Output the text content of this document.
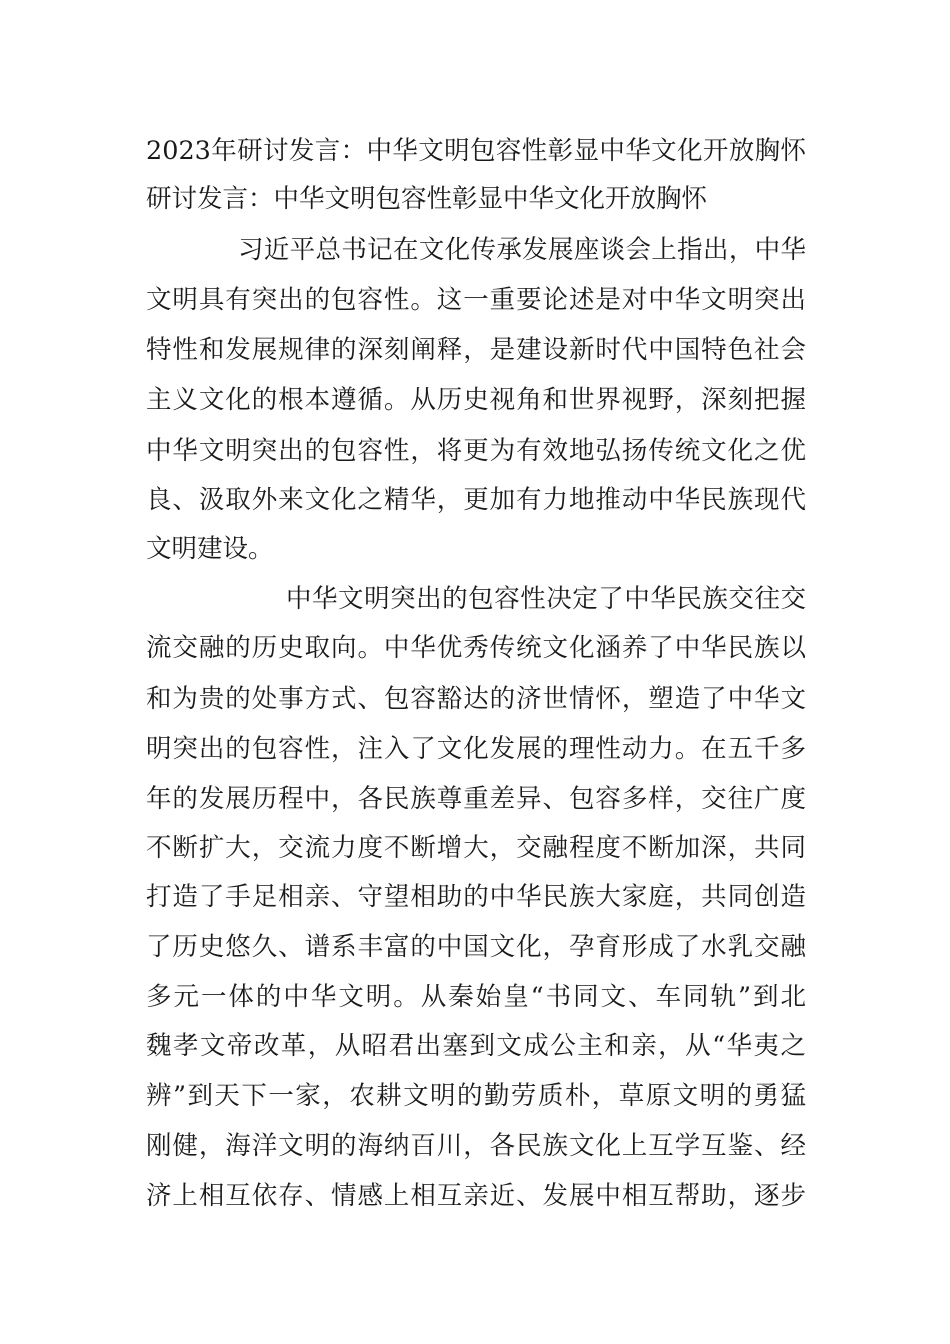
2023年研讨发言：中华文明包容性彰显中华文化开放胸怀
研讨发言：中华文明包容性彰显中华文化开放胸怀
习近平总书记在文化传承发展座谈会上指出，中华
文明具有突出的包容性。这一重要论述是对中华文明突出
特性和发展规律的深刻阐释，是建设新时代中国特色社会
主义文化的根本遵循。从历史视角和世界视野，深刻把握
中华文明突出的包容性，将更为有效地弘扬传统文化之优
良、汲取外来文化之精华，更加有力地推动中华民族现代
文明建设。
中华文明突出的包容性决定了中华民族交往交
流交融的历史取向。中华优秀传统文化涵养了中华民族以
和为贵的处事方式、包容豁达的济世情怀，塑造了中华文
明突出的包容性，注入了文化发展的理性动力。在五千多
年的发展历程中，各民族尊重差异、包容多样，交往广度
不断扩大，交流力度不断增大，交融程度不断加深，共同
打造了手足相亲、守望相助的中华民族大家庭，共同创造
了历史悠久、谱系丰富的中国文化，孕育形成了水乳交融
多元一体的中华文明。从秦始皇“书同文、车同轨”到北
魏孝文帝改革，从昭君出塞到文成公主和亲，从“华夷之
辨”到天下一家，农耕文明的勤劳质朴，草原文明的勇猛
刚健，海洋文明的海纳百川，各民族文化上互学互鉴、经
济上相互依存、情感上相互亲近、发展中相互帮助，逐步
